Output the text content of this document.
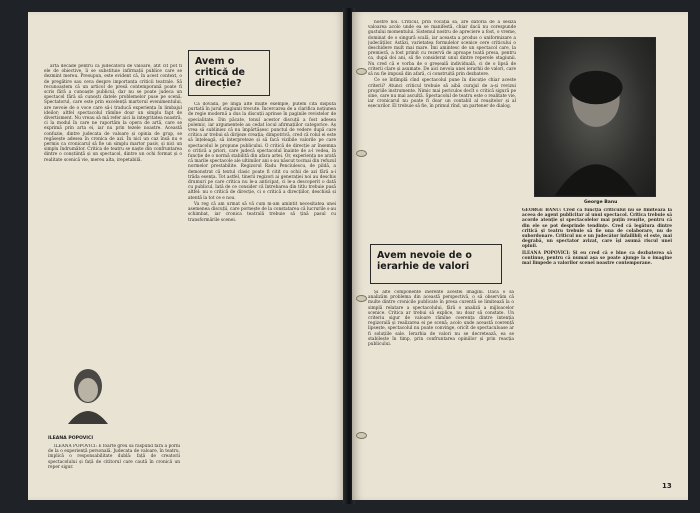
arta decade pentru că judecătorii de valoare, atît cît pot fi ele de obiective, îi se substituie infirmații publice care se dezmint mereu. Presupun, este evident că, în acest context, o de pregătire sau ceva despre importanța criticii teatrale. Să recunoaștem că un articol de presă contemporană poate fi scris fără a cunoaște publicul, dar nu se poate judeca un spectacol fără să cunoști datele problemelor puse pe scenă. Spectatorul, care este prin excelență martorul evenimentului, are nevoie de o voce care să-i traducă experiența în limbajul ideilor; altfel spectacolul rămîne doar un simplu fapt de divertisment. Nu vreau să mă refer aici la integritatea noastră, ci la modul în care ne raportăm la opera de artă, care se exprimă prin arta ei, iar nu prin tezele noastre. Această confuzie, dintre judecata de valoare și opinia de grup, se regăsește adesea în cronica de azi. În nici un caz însă nu e permis ca cronicarul să fie un simplu martor pasiv, și nici un simplu îndrumător. Critica de teatru se naște din confruntarea dintre o conștiință și un spectacol, dintre un ochi format și o realitate scenică vie, mereu alta, irepetabilă.

Avem o critică de direcție?

Ca dovadă, pe lîngă alte multe exemple, putem cita disputa purtată în jurul stagiunii trecute. Încercarea de a clarifica noțiunea de regie modernă a dus la discuții aprinse în paginile revistelor de specialitate. Din păcate, tonul acestor discuții a fost adesea polemic, iar argumentele au cedat locul afirmațiilor categorice. Aș vrea să subliniez că nu împărtășesc punctul de vedere după care critica ar trebui să dirijeze creația; dimpotrivă, cred că rolul ei este să înțeleagă, să interpreteze și să facă vizibile valorile pe care spectacolul le propune publicului. O critică de direcție ar însemna o critică a priori, care judecă spectacolul înainte de a-l vedea, în funcție de o normă stabilită din afara artei. Or, experiența ne arată că marile spectacole ale ultimilor ani s-au născut tocmai din refuzul normelor prestabilite. Regizorul Radu Penciulescu, de pildă, a demonstrat că textul clasic poate fi citit cu ochii de azi fără a-i trăda esența. Tot astfel, tinerii regizori ai generației noi au deschis drumuri pe care critica nu le-a anticipat, ci le-a descoperit o dată cu publicul. Iată de ce consider că întrebarea din titlu trebuie pusă altfel: nu o critică de direcție, ci o critică a direcțiilor, deschisă și atentă la tot ce e nou.

Va reg că am urmat să vă cum m-am amintit necesitatea unei asemenea discuții, care pornește de la constatarea că lucrurile s-au schimbat, iar cronica teatrală trebuie să țină pasul cu transformările scenei.

ILEANA POPOVICI

ILEANA POPOVICI: E foarte greu să răspund fără a porni de la o experiență personală. Judecata de valoare, în teatru, implică o responsabilitate dublă: față de creatorii spectacolului și față de cititorul care caută în cronică un reper sigur.

nostre noi. Criticul, prin vocația sa, are datoria de a sesiza valoarea acolo unde ea se manifestă, chiar dacă nu corespunde gustului momentului. Sistemul nostru de apreciere a fost, o vreme, dominat de o singură scală, iar aceasta a produs o uniformizare a judecăților. Astăzi, varietatea formulelor scenice cere criticului o deschidere mult mai mare. Îmi amintesc de un spectacol care, la premieră, a fost primit cu rezervă de aproape toată presa, pentru ca, după doi ani, să fie considerat unul dintre reperele stagiunii. Nu cred că e vorba de o greșeală individuală, ci de o lipsă de criterii clare și asumate. De aici nevoia unei ierarhii de valori, care să nu fie impusă din afară, ci construită prin dezbatere.

Ce se întîmplă cînd spectacolul pune în discuție chiar aceste criterii? Atunci criticul trebuie să aibă curajul de a-și revizui propriile instrumente. Nimic mai periculos decît o critică sigură pe sine, care nu mai ascultă. Spectacolul de teatru este o realitate vie, iar cronicarul nu poate fi doar un contabil al reușitelor și al eșecurilor. El trebuie să fie, în primul rînd, un partener de dialog.

George Banu
Avem nevoie de o ierarhie de valori

Și alte componente inerente acestei imagini. Dacă o să analizăm problema din această perspectivă, o să observăm că multe dintre cronicile publicate în presa curentă se limitează la o simplă relatare a spectacolului, fără o analiză a mijloacelor scenice. Critica ar trebui să explice, nu doar să constate. Un criteriu sigur de valoare rămîne coerența dintre intenția regizorală și realizarea ei pe scenă; acolo unde această coerență lipsește, spectacolul nu poate convinge, oricît de spectaculoase ar fi soluțiile sale. Ierarhia de valori nu se decretează, ea se stabilește în timp, prin confruntarea opiniilor și prin reacția publicului.

GEORGE BANU: Cred că funcția criticului nu se limitează la aceea de agent publicitar al unui spectacol. Critica trebuie să acorde atenție și spectacolelor mai puțin reușite, pentru că din ele se pot desprinde tendințe. Cred că legătura dintre critică și teatru trebuie să fie una de colaborare, nu de subordonare. Criticul nu e un judecător infailibil; el este, mai degrabă, un spectator avizat, care își asumă riscul unei opinii.

ILEANA POPOVICI: Și eu cred că e bine ca dezbaterea să continue, pentru că numai așa se poate ajunge la o imagine mai limpede a valorilor scenei noastre contemporane.

13
